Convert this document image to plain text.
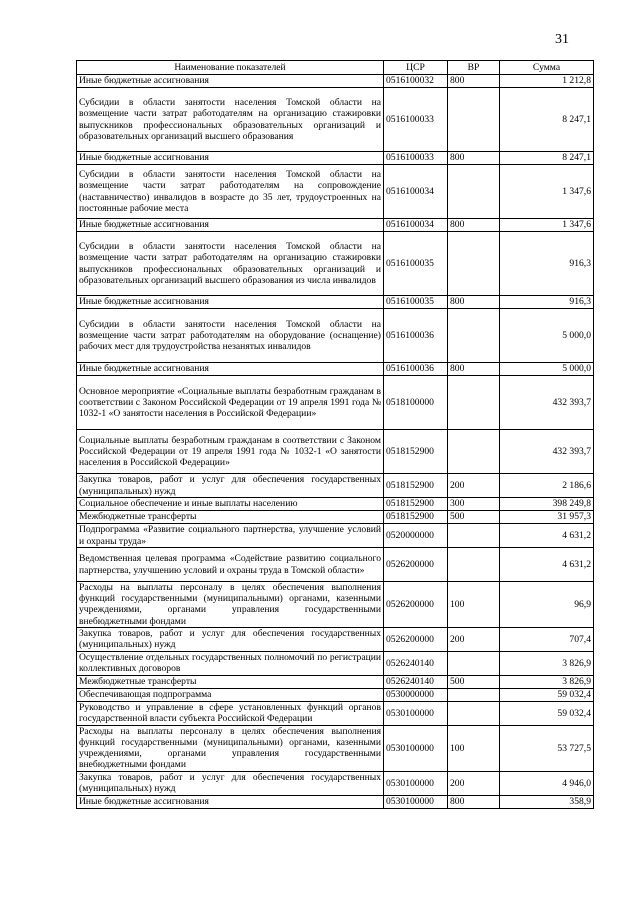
31
Наименование показателей	ЦСР	ВР	Сумма
Иные бюджетные ассигнования	0516100032	800	1 212,8
Субсидии в области занятости населения Томской области на возмещение части затрат работодателям на организацию стажировки выпускников профессиональных образовательных организаций и образовательных организаций высшего образования	0516100033		8 247,1
Иные бюджетные ассигнования	0516100033	800	8 247,1
Субсидии в области занятости населения Томской области на возмещение части затрат работодателям на сопровождение (наставничество) инвалидов в возрасте до 35 лет, трудоустроенных на постоянные рабочие места	0516100034		1 347,6
Иные бюджетные ассигнования	0516100034	800	1 347,6
Субсидии в области занятости населения Томской области на возмещение части затрат работодателям на организацию стажировки выпускников профессиональных образовательных организаций и образовательных организаций высшего образования из числа инвалидов	0516100035		916,3
Иные бюджетные ассигнования	0516100035	800	916,3
Субсидии в области занятости населения Томской области на возмещение части затрат работодателям на оборудование (оснащение) рабочих мест для трудоустройства незанятых инвалидов	0516100036		5 000,0
Иные бюджетные ассигнования	0516100036	800	5 000,0
Основное мероприятие «Социальные выплаты безработным гражданам в соответствии с Законом Российской Федерации от 19 апреля 1991 года № 1032-1 «О занятости населения в Российской Федерации»	0518100000		432 393,7
Социальные выплаты безработным гражданам в соответствии с Законом Российской Федерации от 19 апреля 1991 года № 1032-1 «О занятости населения в Российской Федерации»	0518152900		432 393,7
Закупка товаров, работ и услуг для обеспечения государственных (муниципальных) нужд	0518152900	200	2 186,6
Социальное обеспечение и иные выплаты населению	0518152900	300	398 249,8
Межбюджетные трансферты	0518152900	500	31 957,3
Подпрограмма «Развитие социального партнерства, улучшение условий и охраны труда»	0520000000		4 631,2
Ведомственная целевая программа «Содействие развитию социального партнерства, улучшению условий и охраны труда в Томской области»	0526200000		4 631,2
Расходы на выплаты персоналу в целях обеспечения выполнения функций государственными (муниципальными) органами, казенными учреждениями, органами управления государственными внебюджетными фондами	0526200000	100	96,9
Закупка товаров, работ и услуг для обеспечения государственных (муниципальных) нужд	0526200000	200	707,4
Осуществление отдельных государственных полномочий по регистрации коллективных договоров	0526240140		3 826,9
Межбюджетные трансферты	0526240140	500	3 826,9
Обеспечивающая подпрограмма	0530000000		59 032,4
Руководство и управление в сфере установленных функций органов государственной власти субъекта Российской Федерации	0530100000		59 032,4
Расходы на выплаты персоналу в целях обеспечения выполнения функций государственными (муниципальными) органами, казенными учреждениями, органами управления государственными внебюджетными фондами	0530100000	100	53 727,5
Закупка товаров, работ и услуг для обеспечения государственных (муниципальных) нужд	0530100000	200	4 946,0
Иные бюджетные ассигнования	0530100000	800	358,9
